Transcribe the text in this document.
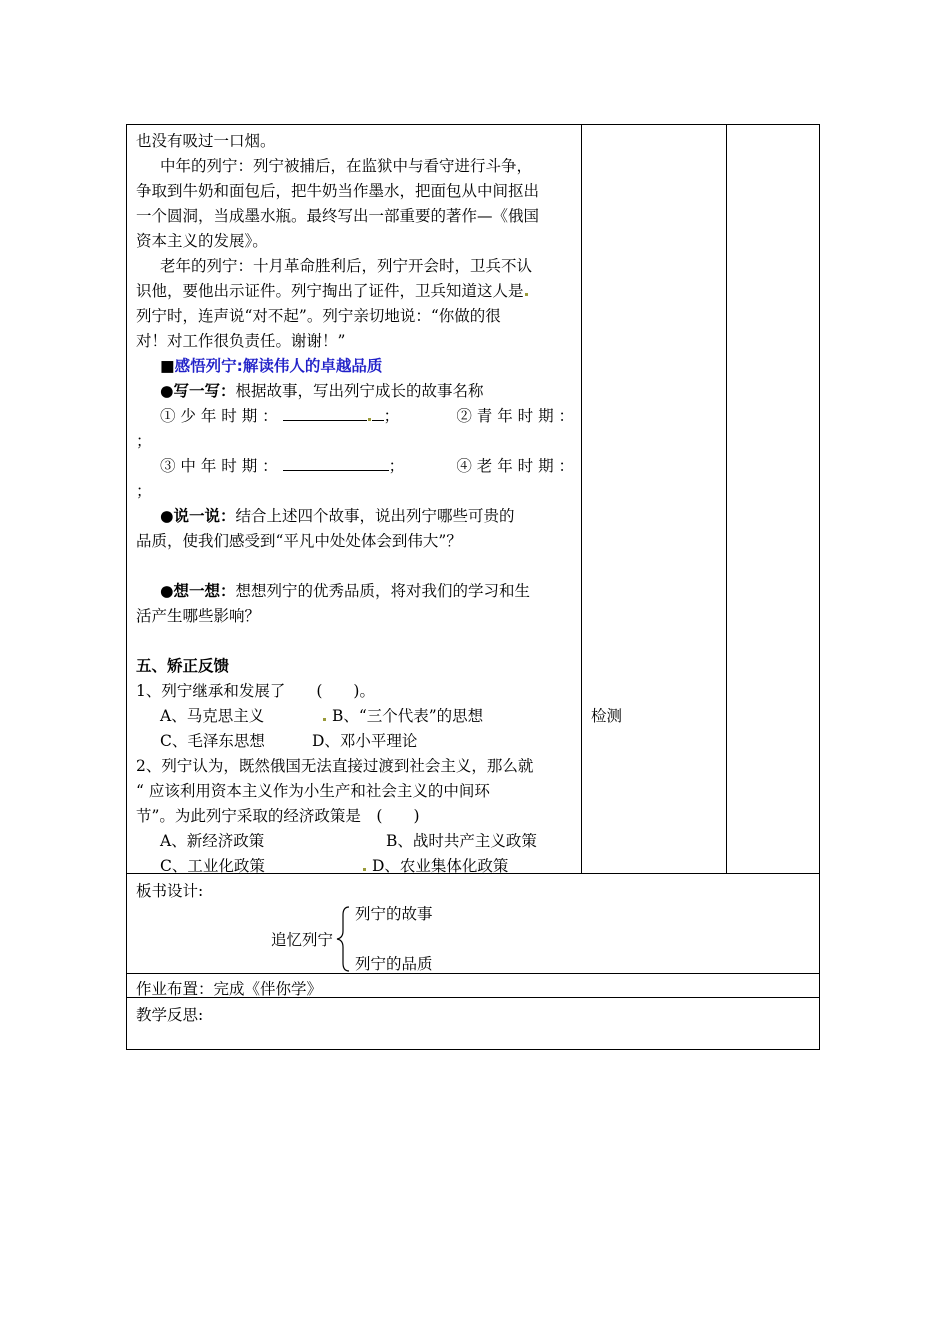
也没有吸过一口烟。
中年的列宁：列宁被捕后，在监狱中与看守进行斗争，
争取到牛奶和面包后，把牛奶当作墨水，把面包从中间抠出
一个圆洞，当成墨水瓶。最终写出一部重要的著作—《俄国
资本主义的发展》。
老年的列宁：十月革命胜利后，列宁开会时，卫兵不认
识他，要他出示证件。列宁掏出了证件，卫兵知道这人是
列宁时，连声说“对不起”。列宁亲切地说：“你做的很
对！对工作很负责任。谢谢！”
■感悟列宁:解读伟人的卓越品质
●写一写：根据故事，写出列宁成长的故事名称
① 少 年 时 期 ：	；	② 青 年 时 期 ：
；
③ 中 年 时 期 ：	；	④ 老 年 时 期 ：
；
●说一说：结合上述四个故事，说出列宁哪些可贵的
品质，使我们感受到“平凡中处处体会到伟大”？
●想一想：想想列宁的优秀品质，将对我们的学习和生
活产生哪些影响？
五、矫正反馈
1、列宁继承和发展了　　(　　)。
A、马克思主义	B、“三个代表”的思想
C、毛泽东思想	D、邓小平理论
2、列宁认为，既然俄国无法直接过渡到社会主义，那么就
“ 应该利用资本主义作为小生产和社会主义的中间环
节”。为此列宁采取的经济政策是　(　　)
A、新经济政策	B、战时共产主义政策
C、工业化政策	D、农业集体化政策
检测
板书设计:
追忆列宁
列宁的故事
列宁的品质
作业布置：完成《伴你学》
教学反思:
